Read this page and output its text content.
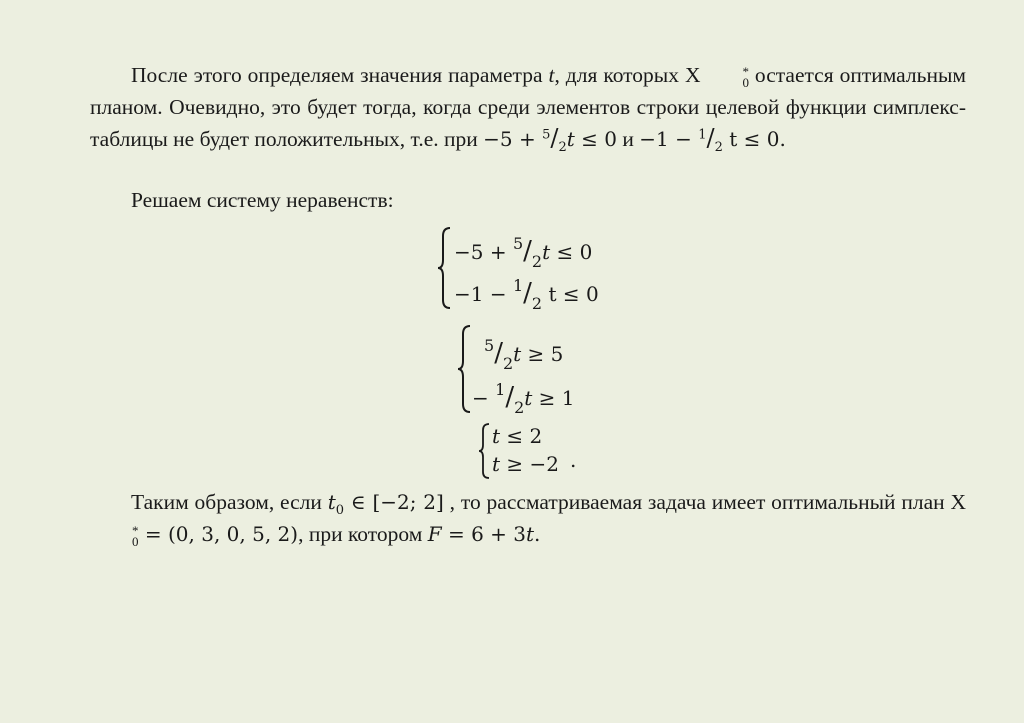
После этого определяем значения параметра t, для которых X	*
0 остается оптимальным планом. Очевидно, это будет тогда, когда среди элементов строки целевой функции симплекс-таблицы не будет положительных, т.е. при $-5 + ^5/_2t \le 0$ $и -1 - ^1/_2$ t ≤ 0.
Решаем систему неравенств:
$-5 + ^5/_2t \le 0$
$-1 - ^1/_2$ t ≤ 0
$^5/_2t \ge 5$
− $^1/_2t \ge 1$
t ≤ 2
t ≥ −2 .
Таким образом, если $t_0$ ∈ [−2; 2] , то рассматриваемая задача имеет оптимальный план X
*
0 = (0, 3, 0, 5, 2), при котором F = 6 + 3t.
